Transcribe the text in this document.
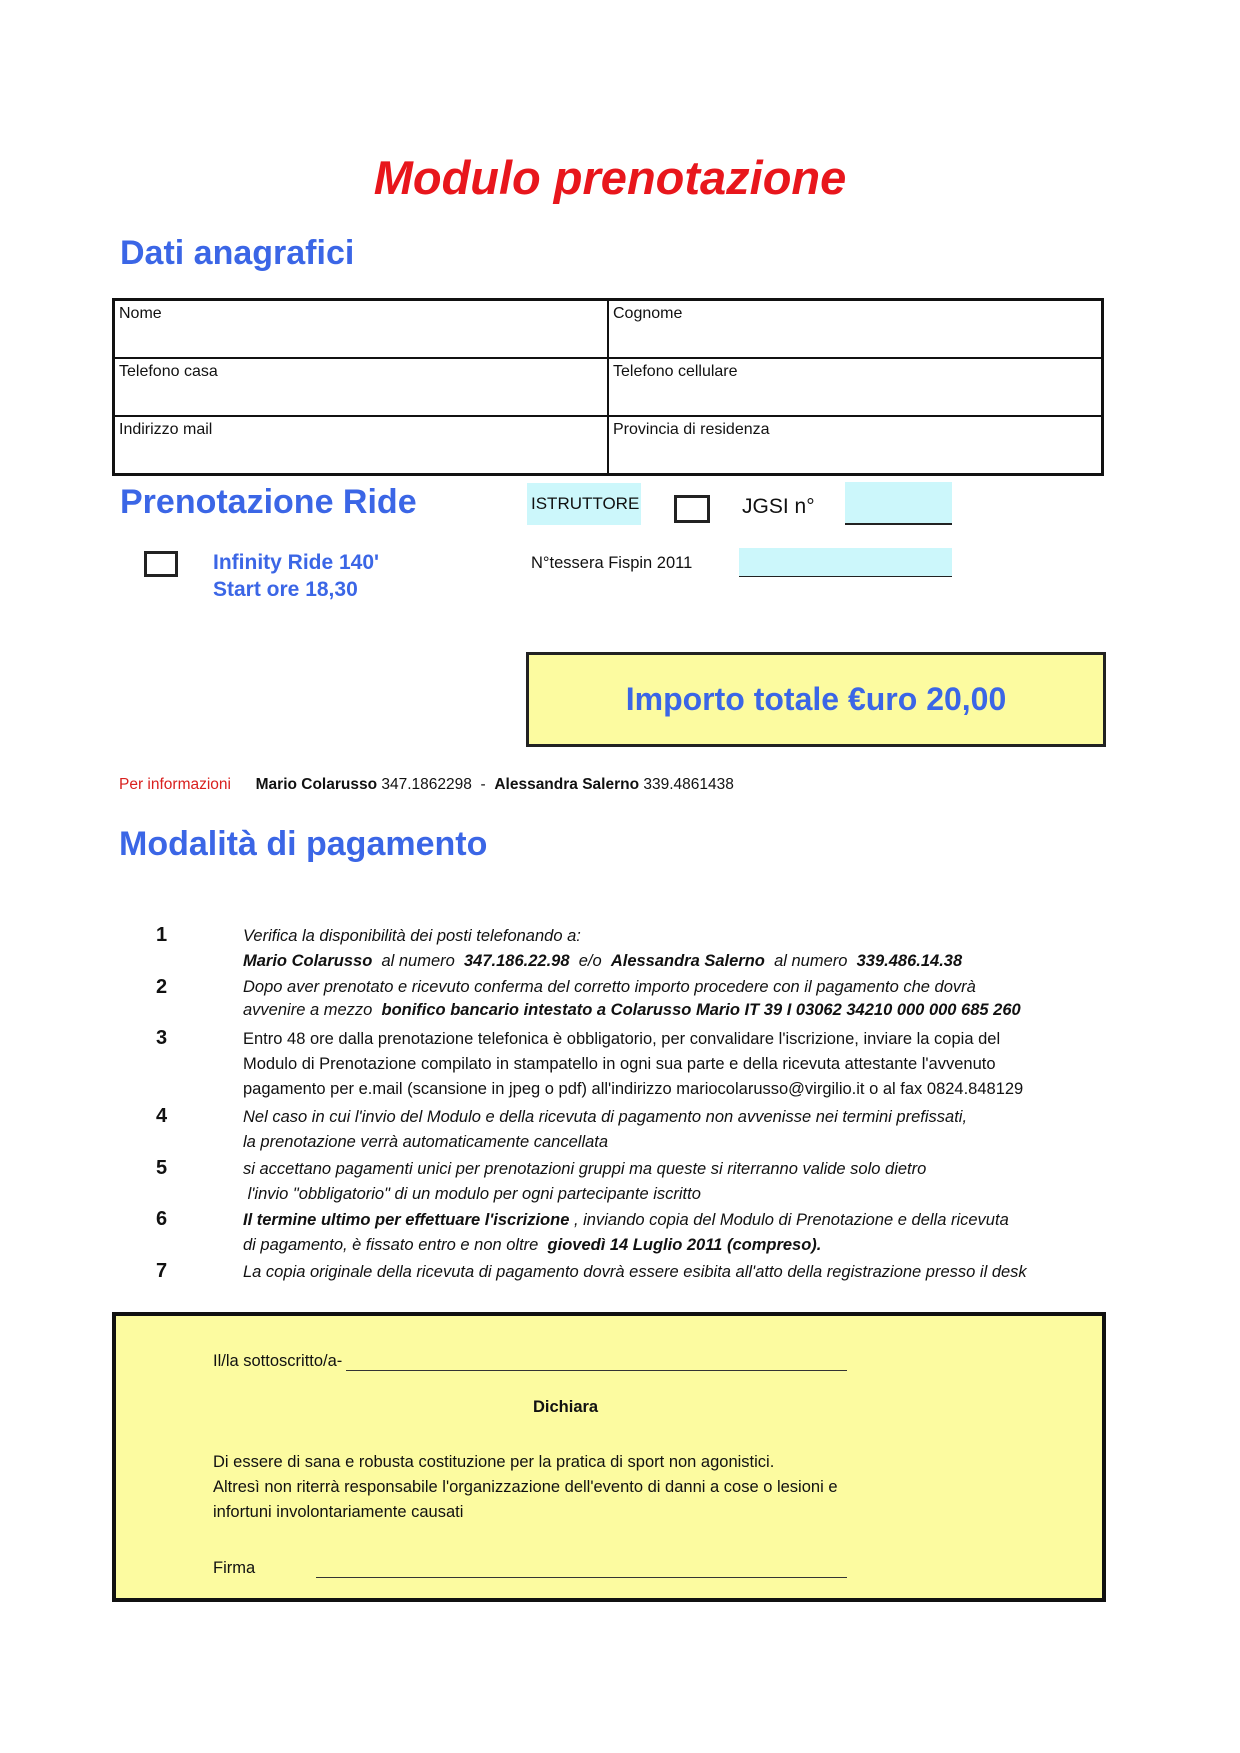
Modulo prenotazione
Dati anagrafici
Nome	Cognome
Telefono casa	Telefono cellulare
Indirizzo mail	Provincia di residenza
Prenotazione Ride	ISTRUTTORE	JGSI n°
Infinity Ride 140'
Start ore 18,30
N°tessera Fispin 2011
Importo totale €uro 20,00
Per informazioni Mario Colarusso 347.1862298 - Alessandra Salerno 339.4861438
Modalità di pagamento
1	Verifica la disponibilità dei posti telefonando a:
Mario Colarusso al numero 347.186.22.98 e/o Alessandra Salerno al numero 339.486.14.38
2	Dopo aver prenotato e ricevuto conferma del corretto importo procedere con il pagamento che dovrà
avvenire a mezzo bonifico bancario intestato a Colarusso Mario IT 39 I 03062 34210 000 000 685 260
3	Entro 48 ore dalla prenotazione telefonica è obbligatorio, per convalidare l'iscrizione, inviare la copia del
Modulo di Prenotazione compilato in stampatello in ogni sua parte e della ricevuta attestante l'avvenuto
pagamento per e.mail (scansione in jpeg o pdf) all'indirizzo mariocolarusso@virgilio.it o al fax 0824.848129
4	Nel caso in cui l'invio del Modulo e della ricevuta di pagamento non avvenisse nei termini prefissati,
la prenotazione verrà automaticamente cancellata
5	si accettano pagamenti unici per prenotazioni gruppi ma queste si riterranno valide solo dietro
l'invio "obbligatorio" di un modulo per ogni partecipante iscritto
6	Il termine ultimo per effettuare l'iscrizione , inviando copia del Modulo di Prenotazione e della ricevuta
di pagamento, è fissato entro e non oltre giovedì 14 Luglio 2011 (compreso).
7	La copia originale della ricevuta di pagamento dovrà essere esibita all'atto della registrazione presso il desk
Il/la sottoscritto/a-
Dichiara
Di essere di sana e robusta costituzione per la pratica di sport non agonistici.
Altresì non riterrà responsabile l'organizzazione dell'evento di danni a cose o lesioni e
infortuni involontariamente causati
Firma
